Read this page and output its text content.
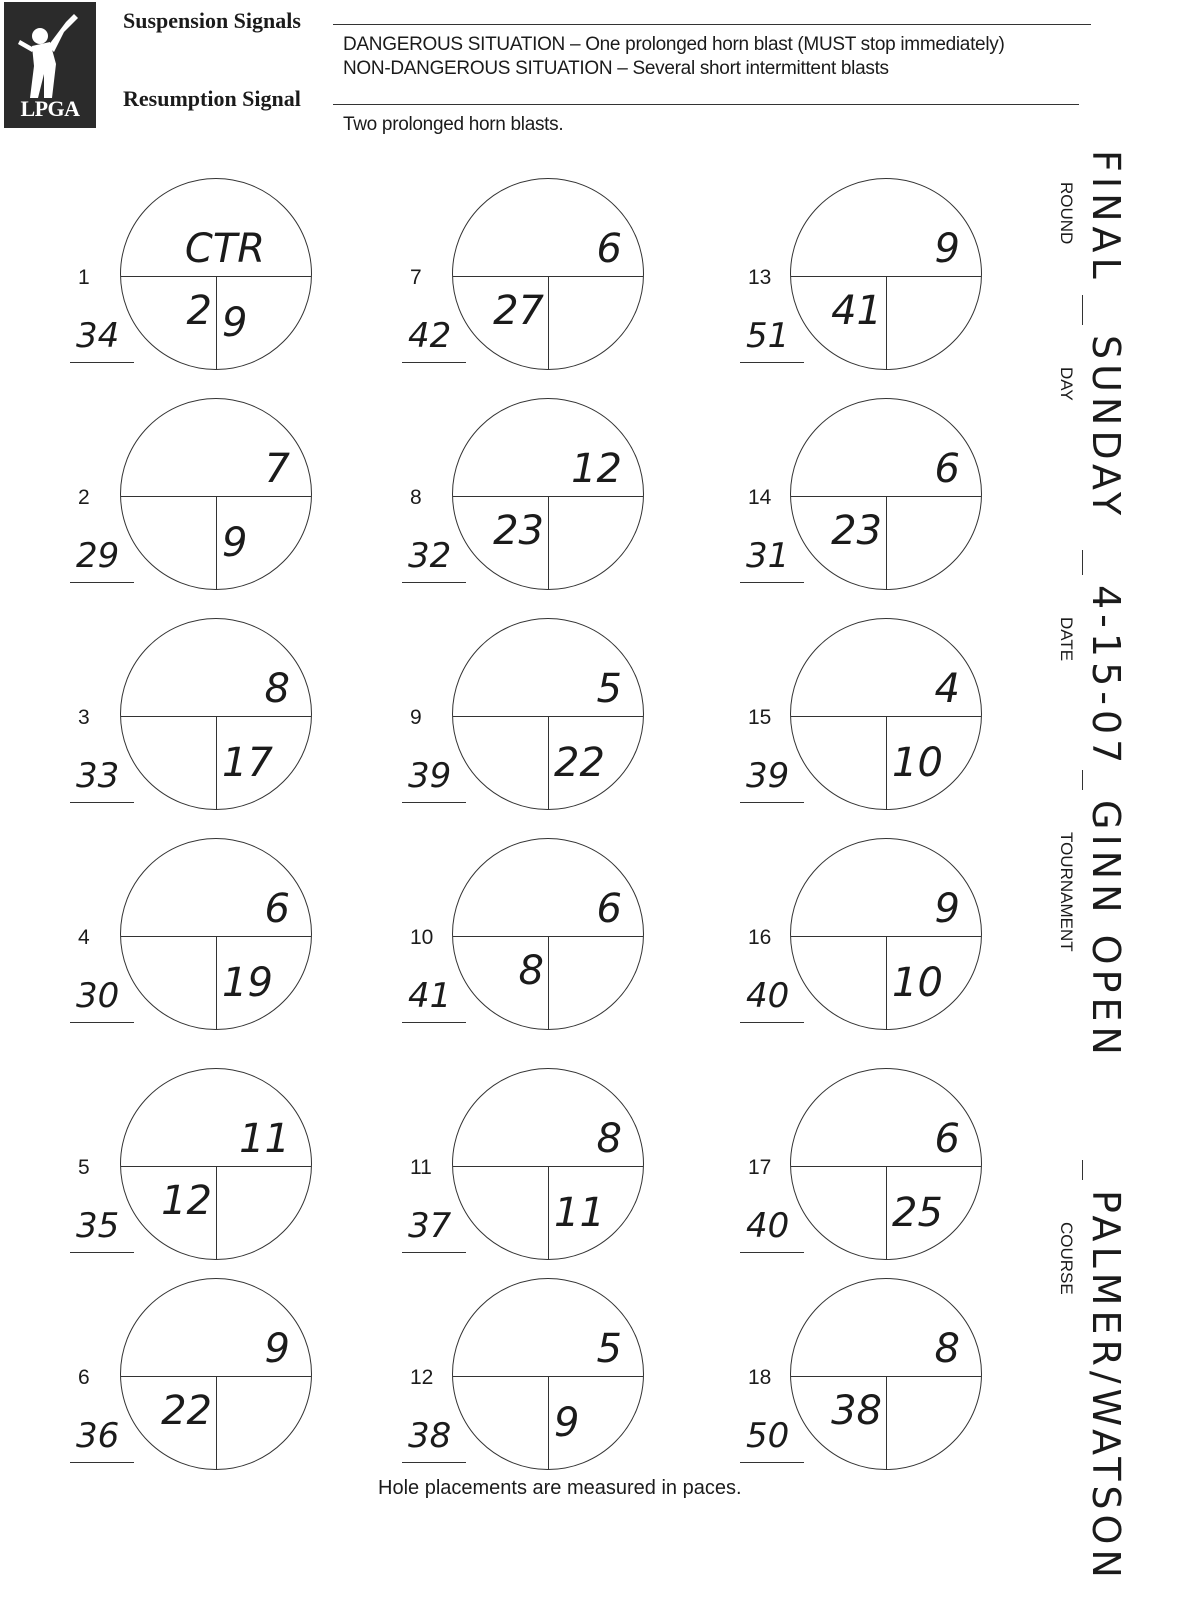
LPGA
Suspension Signals
DANGEROUS SITUATION – One prolonged horn blast (MUST stop immediately)
NON-DANGEROUS SITUATION – Several short intermittent blasts
Resumption Signal
Two prolonged horn blasts.
1
34
CTR
2 9
2
29
7
9
3
33
8
17
4
30
6
19
5
35
11
12
6
36
9
22
7
42
6
27
8
32
12
23
9
39
5
22
10
41
6
8
11
37
8
11
12
38
5
9
13
51
9
41
14
31
6
23
15
39
4
10
16
40
9
10
17
40
6
25
18
50
8
38
FINAL
ROUND
SUNDAY
DAY
4-15-07
DATE
GINN OPEN
TOURNAMENT
PALMER/WATSON
COURSE
Hole placements are measured in paces.
